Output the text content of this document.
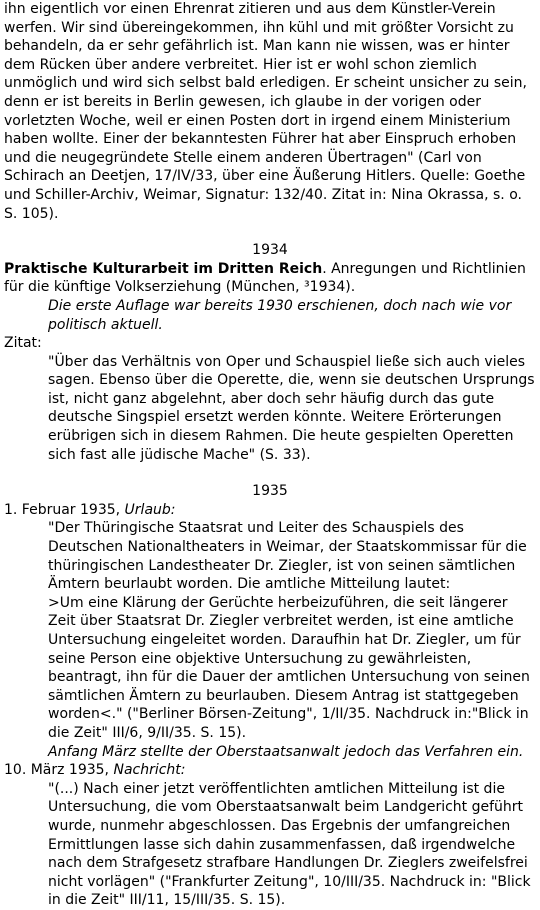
ihn eigentlich vor einen Ehrenrat zitieren und aus dem Künstler-Verein werfen. Wir sind übereingekommen, ihn kühl und mit größter Vorsicht zu behandeln, da er sehr gefährlich ist. Man kann nie wissen, was er hinter dem Rücken über andere verbreitet. Hier ist er wohl schon ziemlich unmöglich und wird sich selbst bald erledigen. Er scheint unsicher zu sein, denn er ist bereits in Berlin gewesen, ich glaube in der vorigen oder vorletzten Woche, weil er einen Posten dort in irgend einem Ministerium haben wollte. Einer der bekanntesten Führer hat aber Einspruch erhoben und die neugegründete Stelle einem anderen Übertragen" (Carl von Schirach an Deetjen, 17/IV/33, über eine Äußerung Hitlers. Quelle: Goethe und Schiller-Archiv, Weimar, Signatur: 132/40. Zitat in: Nina Okrassa, s. o. S. 105).

1934

Praktische Kulturarbeit im Dritten Reich. Anregungen und Richtlinien für die künftige Volkserziehung (München, ³1934).

Die erste Auflage war bereits 1930 erschienen, doch nach wie vor politisch aktuell.

Zitat:

"Über das Verhältnis von Oper und Schauspiel ließe sich auch vieles sagen. Ebenso über die Operette, die, wenn sie deutschen Ursprungs ist, nicht ganz abgelehnt, aber doch sehr häufig durch das gute deutsche Singspiel ersetzt werden könnte. Weitere Erörterungen erübrigen sich in diesem Rahmen. Die heute gespielten Operetten sich fast alle jüdische Mache" (S. 33).

1935

1. Februar 1935, Urlaub:

"Der Thüringische Staatsrat und Leiter des Schauspiels des Deutschen Nationaltheaters in Weimar, der Staatskommissar für die thüringischen Landestheater Dr. Ziegler, ist von seinen sämtlichen Ämtern beurlaubt worden. Die amtliche Mitteilung lautet:

>Um eine Klärung der Gerüchte herbeizuführen, die seit längerer Zeit über Staatsrat Dr. Ziegler verbreitet werden, ist eine amtliche Untersuchung eingeleitet worden. Daraufhin hat Dr. Ziegler, um für seine Person eine objektive Untersuchung zu gewährleisten, beantragt, ihn für die Dauer der amtlichen Untersuchung von seinen sämtlichen Ämtern zu beurlauben. Diesem Antrag ist stattgegeben worden<." ("Berliner Börsen-Zeitung", 1/II/35. Nachdruck in:"Blick in die Zeit" III/6, 9/II/35. S. 15).

Anfang März stellte der Oberstaatsanwalt jedoch das Verfahren ein.

10. März 1935, Nachricht:

"(...) Nach einer jetzt veröffentlichten amtlichen Mitteilung ist die Untersuchung, die vom Oberstaatsanwalt beim Landgericht geführt wurde, nunmehr abgeschlossen. Das Ergebnis der umfangreichen Ermittlungen lasse sich dahin zusammenfassen, daß irgendwelche nach dem Strafgesetz strafbare Handlungen Dr. Zieglers zweifelsfrei nicht vorlägen" ("Frankfurter Zeitung", 10/III/35. Nachdruck in: "Blick in die Zeit" III/11, 15/III/35. S. 15).
